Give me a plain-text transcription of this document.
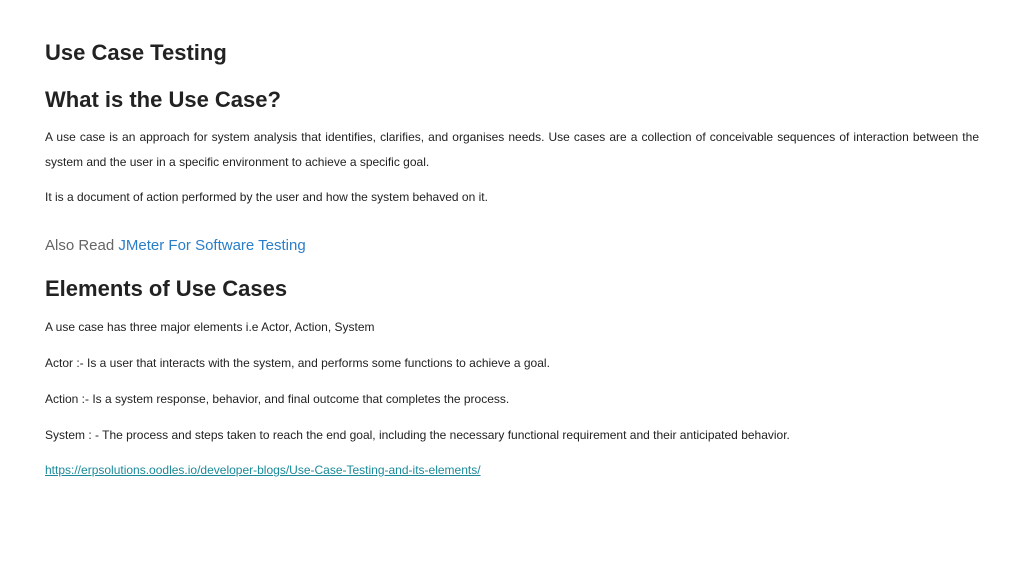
Use Case Testing
What is the Use Case?

A use case is an approach for system analysis that identifies, clarifies, and organises needs. Use cases are a collection of conceivable sequences of interaction between the system and the user in a specific environment to achieve a specific goal.

It is a document of action performed by the user and how the system behaved on it.

Also Read JMeter For Software Testing

Elements of Use Cases

A use case has three major elements i.e Actor, Action, System

Actor :- Is a user that interacts with the system, and performs some functions to achieve a goal.

Action :- Is a system response, behavior, and final outcome that completes the process.

System : - The process and steps taken to reach the end goal, including the necessary functional requirement and their anticipated behavior.

https://erpsolutions.oodles.io/developer-blogs/Use-Case-Testing-and-its-elements/
